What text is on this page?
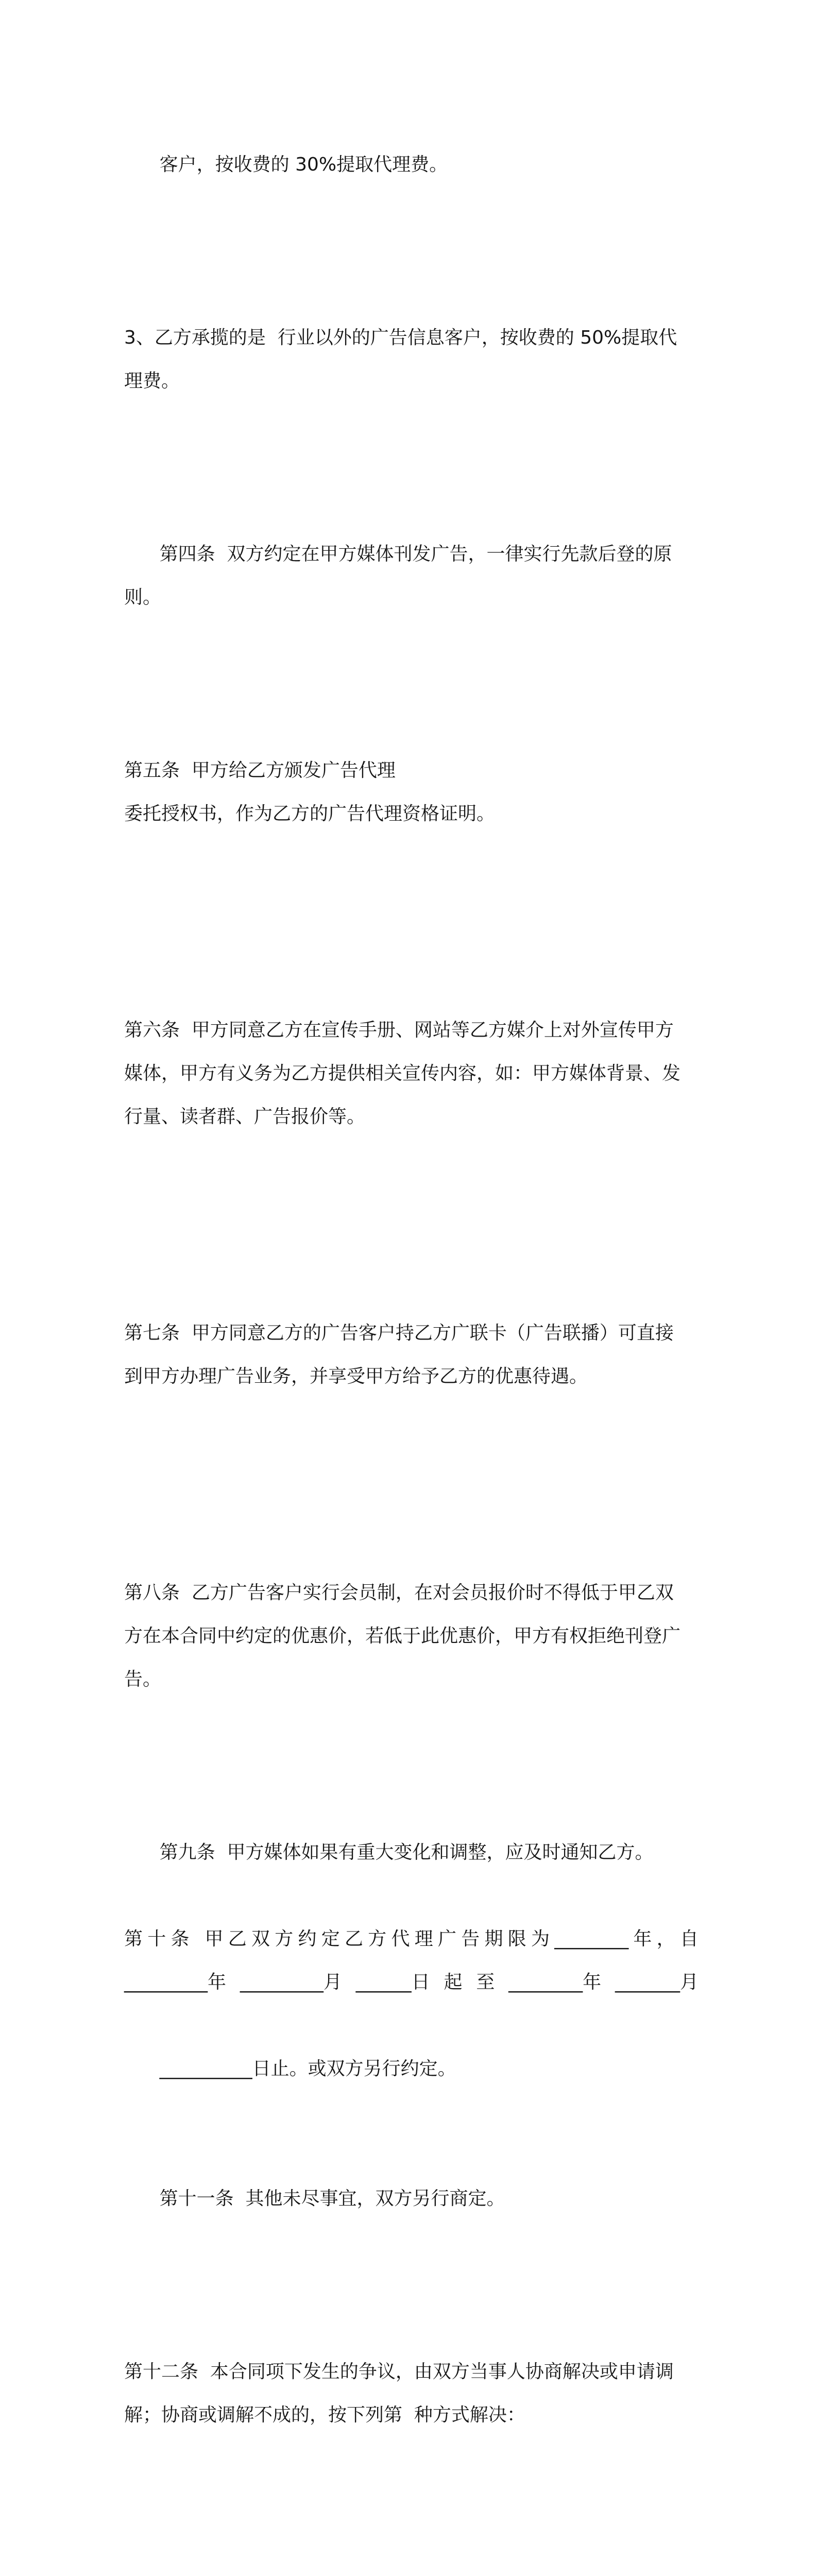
客户，按收费的 30%提取代理费。

3、乙方承揽的是  行业以外的广告信息客户，按收费的 50%提取代
理费。

第四条  双方约定在甲方媒体刊发广告，一律实行先款后登的原则。

第五条  甲方给乙方颁发广告代理
委托授权书，作为乙方的广告代理资格证明。

第六条  甲方同意乙方在宣传手册、网站等乙方媒介上对外宣传甲方
媒体，甲方有义务为乙方提供相关宣传内容，如：甲方媒体背景、发
行量、读者群、广告报价等。

第七条  甲方同意乙方的广告客户持乙方广联卡（广告联播）可直接
到甲方办理广告业务，并享受甲方给予乙方的优惠待遇。

第八条  乙方广告客户实行会员制，在对会员报价时不得低于甲乙双
方在本合同中约定的优惠价，若低于此优惠价，甲方有权拒绝刊登广
告。

第九条  甲方媒体如果有重大变化和调整，应及时通知乙方。

第 十 条
甲 乙 双 方 约 定 乙 方 代 理 广 告 期 限 为 ________ 年 ， 自
_________年 _________月 ______日 起 至 ________年 _______月

__________日止。或双方另行约定。

第十一条  其他未尽事宜，双方另行商定。

第十二条  本合同项下发生的争议，由双方当事人协商解决或申请调
解；协商或调解不成的，按下列第  种方式解决：
